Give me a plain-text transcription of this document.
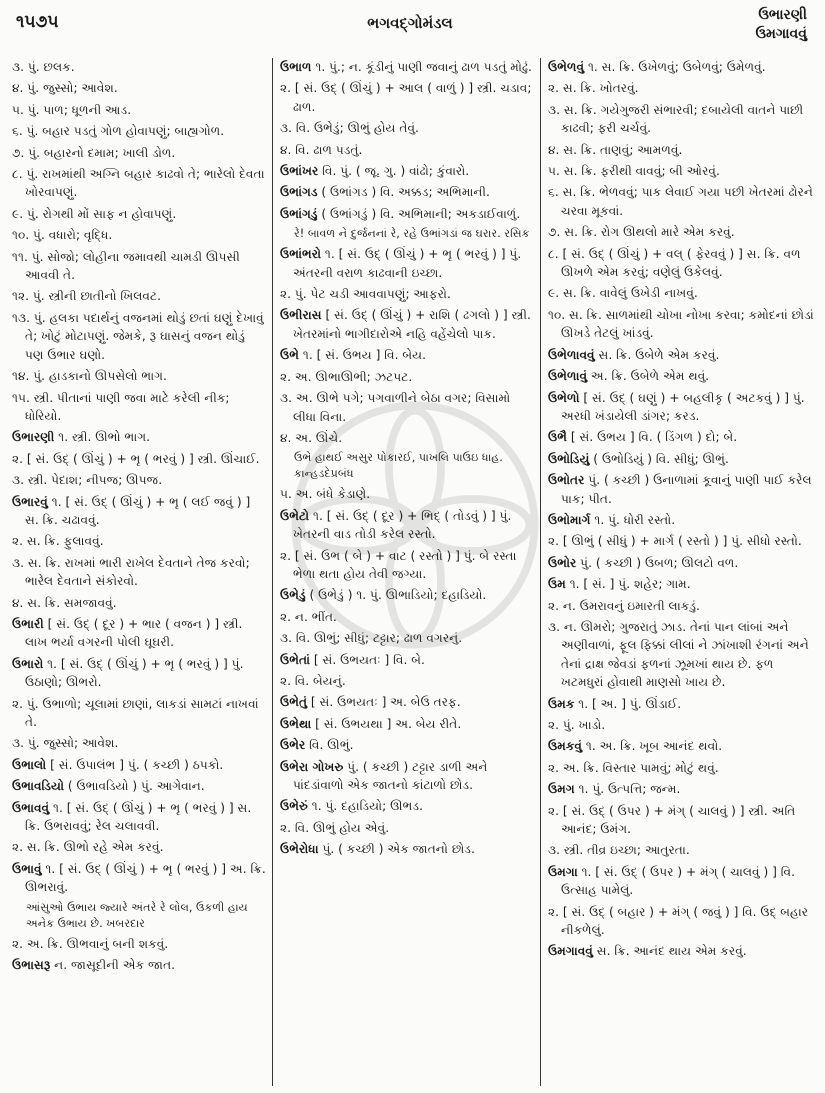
૧૫૭૫	ભગવદ્ગોમંડલ	ઉભારણી
ઉમગાવવું
૩. પું. છલક.
૪. પું. જુસ્સો; આવેશ.
૫. પું. પાળ; ધૂળની આડ.
૬. પું. બહાર પડતું ગોળ હોવાપણું; બાહ્યગોળ.
૭. પું. બહારનો દમામ; ખાલી ડોળ.
૮. પું. રાખમાંથી અગ્નિ બહાર કાઢવો તે; ભારેલો દેવતા ખોરવાપણું.
૯. પું. રોગથી મોં સાફ ન હોવાપણું.
૧૦. પું. વધારો; વૃદ્ધિ.
૧૧. પું. સોજો; લોહીના જમાવથી ચામડી ઊપસી આવવી તે.
૧૨. પું. સ્ત્રીની છાતીનો ખિલવટ.
૧૩. પું. હલકા પદાર્થનું વજનમાં થોડું છતાં ઘણું દેખાવું તે; ખોટું મોટાપણું. જેમકે, રૂ ઘાસનું વજન થોડું પણ ઉભાર ઘણો.
૧૪. પું. હાડકાનો ઊપસેલો ભાગ.
૧૫. સ્ત્રી. પીતાનાં પાણી જવા માટે કરેલી નીક; ધોરિયો.
ઉભારણી ૧. સ્ત્રી. ઊભો ભાગ.
૨. [ સં. ઉદ્ ( ઊંચું ) + ભૃ ( ભરવું ) ] સ્ત્રી. ઊંચાઈ.
૩. સ્ત્રી. પેદાશ; નીપજ; ઊપજ.
ઉભારવું ૧. [ સં. ઉદ્ ( ઊંચું ) + ભૃ ( લઈ જવું ) ] સ. ક્રિ. ચઢાવવું.
૨. સ. ક્રિ. ફુલાવવું.
૩. સ. ક્રિ. રાખમાં ભારી રાખેલ દેવતાને તેજ કરવો; ભારેલ દેવતાને સંકોરવો.
૪. સ. ક્રિ. સમજાવવું.
ઉભારી [ સં. ઉદ્ ( દૂર ) + ભાર ( વજન ) ] સ્ત્રી. લાખ ભર્યા વગરની પોલી ઘૂઘરી.
ઉભારો ૧. [ સં. ઉદ્ ( ઊંચું ) + ભૃ ( ભરવું ) ] પું. ઉઠાણો; ઊભરો.
૨. પું. ઉભાળો; ચૂલામાં છાણાં, લાકડાં સામટાં નાખવાં તે.
૩. પું. જુસ્સો; આવેશ.
ઉભાલો [ સં. ઉપાલંભ ] પું. ( કચ્છી ) ઠપકો.
ઉભાવડિયો ( ઉભાવડિયો ) પું. આગેવાન.
ઉભાવવું ૧. [ સં. ઉદ્ ( ઊંચું ) + ભૃ ( ભરવું ) ] સ. ક્રિ. ઉભરાવવું; રેલ ચલાવવી.
૨. સ. ક્રિ. ઊભો રહે એમ કરવું.
ઉભાવું ૧. [ સં. ઉદ્ ( ઊંચું ) + ભૃ ( ભરવું ) ] અ. ક્રિ. ઊભરાવું.
આંસુઓ ઉભાય જ્યારે અંતરે રે લોલ, ઉકળી હાય અનેક ઉભાય છે. ખબરદાર
૨. અ. ક્રિ. ઊભવાનું બની શકવું.
ઉભાસરૂ ન. જાસૂદીની એક જાત.
ઉભાળ ૧. પું.; ન. કૂંડીનું પાણી જવાનું ઢાળ પડતું મોઢું.
૨. [ સં. ઉદ્ ( ઊંચું ) + આલ ( વાળું ) ] સ્ત્રી. ચડાવ; ઢાળ.
૩. વિ. ઉભેડું; ઊભું હોય તેવું.
૪. વિ. ઢાળ પડતું.
ઉભાંખર વિ. પું. ( જૂ. ગુ. ) વાંઢો; કુંવારો.
ઉભાંગડ ( ઉભાંગડ ) વિ. અક્કડ; અભિમાની.
ઉભાંગડું ( ઉભાંગડું ) વિ. અભિમાની; અકડાઈવાળું.
રે! બાવળ ને દુર્જનનાં રે, રહે ઉભાંગડાં જ ઘરાર. રસિક
ઉભાંભરો ૧. [ સં. ઉદ્ ( ઊંચું ) + ભૃ ( ભરવું ) ] પું. અંતરની વરાળ કાઢવાની ઇચ્છા.
૨. પું. પેટ ચડી આવવાપણું; આફરો.
ઉભીરાસ [ સં. ઉદ્ ( ઊંચું ) + રાશિ ( ઢગલો ) ] સ્ત્રી. ખેતરમાંનો ભાગીદારોએ નહિ વહેંચેલો પાક.
ઉભે ૧. [ સં. ઉભય ] વિ. બેય.
૨. અ. ઊભાઊભી; ઝટપટ.
૩. અ. ઊભે પગે; પગવાળીને બેઠા વગર; વિસામો લીધા વિના.
૪. અ. ઊંચે.
ઉભે હાથઈ અસુર પોકારઈ, પાખલિ પાઉઇ ધાહ. કાન્હડદેપ્રબંધ
૫. અ. બંધે કેડાણે.
ઉભેટો ૧. [ સં. ઉદ્ ( દૂર ) + ભિદ્ ( તોડવું ) ] પું. ખેતરની વાડ તોડી કરેલ રસ્તો.
૨. [ સં. ઉભ ( બે ) + વાટ ( રસ્તો ) ] પું. બે રસ્તા ભેળા થતા હોય તેવી જગ્યા.
ઉભેડું ( ઉભેડું ) ૧. પું. ઊભાડિયો; દહાડિયો.
૨. ન. ભીંત.
૩. વિ. ઊભું; સીધું; ટટ્ટાર; ઢાળ વગરનું.
ઉભેતાં [ સં. ઉભયતઃ ] વિ. બે.
૨. વિ. બેયનું.
ઉભેતું [ સં. ઉભયતઃ ] અ. બેઉ તરફ.
ઉભેથા [ સં. ઉભયથા ] અ. બેય રીતે.
ઉભેર વિ. ઊભું.
ઉભેરા ગોખરુ પું. ( કચ્છી ) ટટ્ટાર ડાળી અને પાંદડાંવાળો એક જાતનો કાંટાળો છોડ.
ઉભેરું ૧. પું. દહાડિયો; ઊભડ.
૨. વિ. ઊભું હોય એવું.
ઉભેરોધા પું. ( કચ્છી ) એક જાતનો છોડ.
ઉભેળવું ૧. સ. ક્રિ. ઉખેળવું; ઉબેળવું; ઉમેળવું.
૨. સ. ક્રિ. ખોતરવું.
૩. સ. ક્રિ. ગયેગુજરી સંભારવી; દબાયેલી વાતને પાછી કાઢવી; ફરી ચર્ચવું.
૪. સ. ક્રિ. તાણવું; આમળવું.
૫. સ. ક્રિ. ફરીથી વાવવું; બી ઓરવું.
૬. સ. ક્રિ. ભેળવવું; પાક લેવાઈ ગયા પછી ખેતરમાં ઢોરને ચરવા મૂકવાં.
૭. સ. ક્રિ. રોગ ઊથલો મારે એમ કરવું.
૮. [ સં. ઉદ્ ( ઊંચું ) + વલ્ ( ફેરવવું ) ] સ. ક્રિ. વળ ઊખળે એમ કરવું; વણેલું ઉકેલવું.
૯. સ. ક્રિ. વાવેલું ઉખેડી નાખવું.
૧૦. સ. ક્રિ. સાળમાંથી ચોખા નોખા કરવા; કમોદનાં છોડાં ઊખડે તેટલું ખાંડવું.
ઉભેળાવવું સ. ક્રિ. ઉબેળે એમ કરવું.
ઉભેળાવું અ. ક્રિ. ઉબેળે એમ થવું.
ઉભેળો [ સં. ઉદ્ ( ઘણું ) + બહલીકૃ ( અટકવું ) ] પું. અરધી ખંડાયેલી ડાંગર; કરડ.
ઉભૈ [ સં. ઉભય ] વિ. ( ડિંગળ ) દો; બે.
ઉભોડિયું ( ઉભોડિયું ) વિ. સીધું; ઊભું.
ઉભોતર પું. ( કચ્છી ) ઉનાળામાં કૂવાનું પાણી પાઈ કરેલ પાક; પીત.
ઉભોમાર્ગ ૧. પું. ધોરી રસ્તો.
૨. [ ઊભું ( સીધું ) + માર્ગ ( રસ્તો ) ] પું. સીધો રસ્તો.
ઉભોર પું. ( કચ્છી ) ઉબળ; ઊલટો વળ.
ઉમ ૧. [ સં. ] પું. શહેર; ગામ.
૨. ન. ઉમરાવનું ઇમારતી લાકડું.
૩. ન. ઊમરો; ગુજરાતું ઝાડ. તેનાં પાન લાંબાં અને અણીવાળાં, ફૂલ ફિક્કાં લીલાં ને ઝાંખાશી રંગનાં અને તેનાં દ્રાક્ષ જેવડાં ફળનાં ઝૂમખાં થાય છે. ફળ ખટમધુરાં હોવાથી માણસો ખાય છે.
ઉમક ૧. [ અ. ] પું. ઊંડાઈ.
૨. પું. ખાડો.
ઉમકવું ૧. અ. ક્રિ. ખૂબ આનંદ થવો.
૨. અ. ક્રિ. વિસ્તાર પામવું; મોટું થવું.
ઉમગ ૧. પું. ઉત્પત્તિ; જન્મ.
૨. [ સં. ઉદ્ ( ઉપર ) + મંગ્ ( ચાલવું ) ] સ્ત્રી. અતિ આનંદ; ઉમંગ.
૩. સ્ત્રી. તીવ્ર ઇચ્છા; આતુરતા.
ઉમગા ૧. [ સં. ઉદ્ ( ઉપર ) + મંગ્ ( ચાલવું ) ] વિ. ઉત્સાહ પામેલું.
૨. [ સં. ઉદ્ ( બહાર ) + મંગ્ ( જવું ) ] વિ. ઉદ્ બહાર નીકળેલું.
ઉમગાવવું સ. ક્રિ. આનંદ થાય એમ કરવું.
